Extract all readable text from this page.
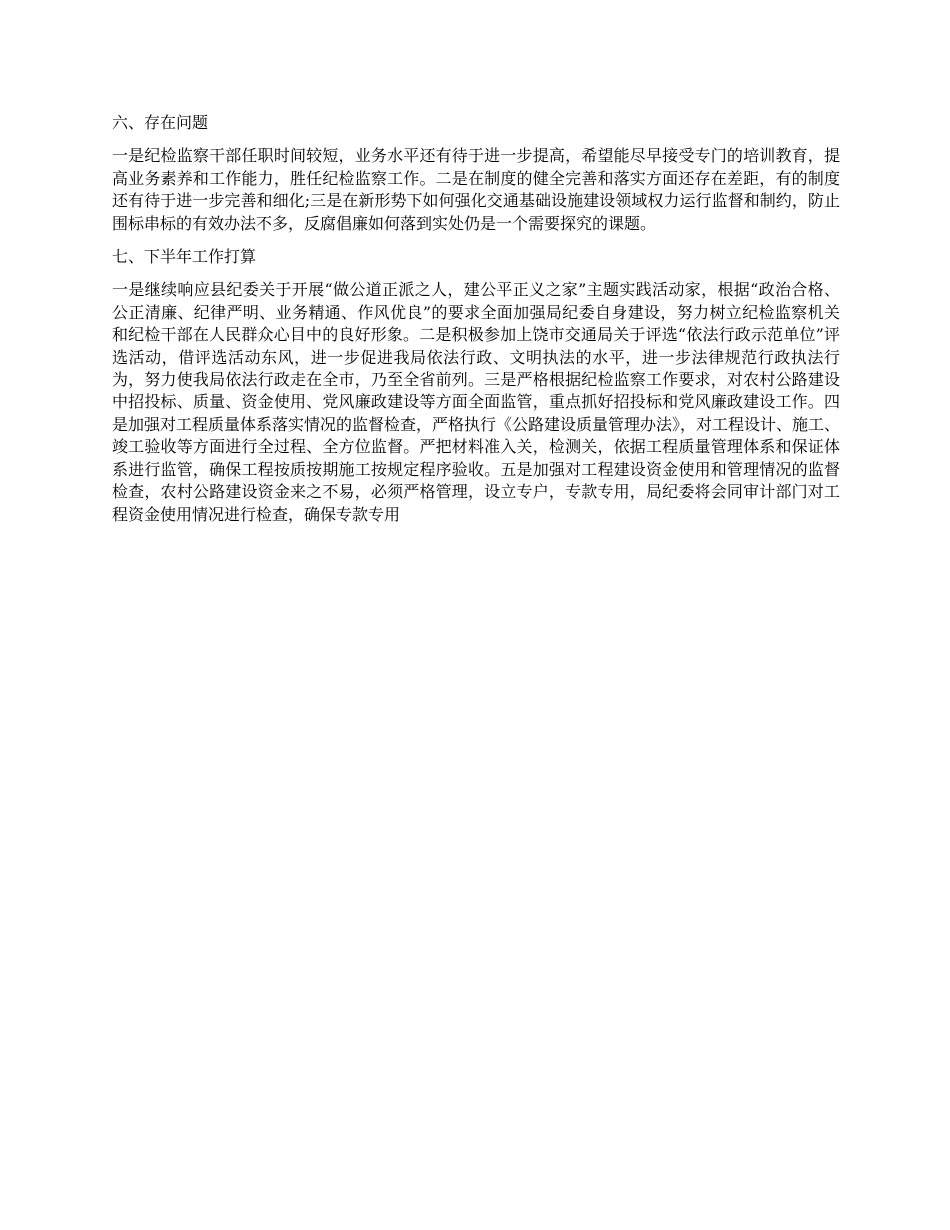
六、存在问题

一是纪检监察干部任职时间较短，业务水平还有待于进一步提高，希望能尽早接受专门的培训教育，提高业务素养和工作能力，胜任纪检监察工作。二是在制度的健全完善和落实方面还存在差距，有的制度还有待于进一步完善和细化;三是在新形势下如何强化交通基础设施建设领域权力运行监督和制约，防止围标串标的有效办法不多，反腐倡廉如何落到实处仍是一个需要探究的课题。

七、下半年工作打算

一是继续响应县纪委关于开展“做公道正派之人，建公平正义之家”主题实践活动家，根据“政治合格、公正清廉、纪律严明、业务精通、作风优良”的要求全面加强局纪委自身建设，努力树立纪检监察机关和纪检干部在人民群众心目中的良好形象。二是积极参加上饶市交通局关于评选“依法行政示范单位”评选活动，借评选活动东风，进一步促进我局依法行政、文明执法的水平，进一步法律规范行政执法行为，努力使我局依法行政走在全市，乃至全省前列。三是严格根据纪检监察工作要求，对农村公路建设中招投标、质量、资金使用、党风廉政建设等方面全面监管，重点抓好招投标和党风廉政建设工作。四是加强对工程质量体系落实情况的监督检查，严格执行《公路建设质量管理办法》，对工程设计、施工、竣工验收等方面进行全过程、全方位监督。严把材料准入关，检测关，依据工程质量管理体系和保证体系进行监管，确保工程按质按期施工按规定程序验收。五是加强对工程建设资金使用和管理情况的监督检查，农村公路建设资金来之不易，必须严格管理，设立专户，专款专用，局纪委将会同审计部门对工程资金使用情况进行检查，确保专款专用
